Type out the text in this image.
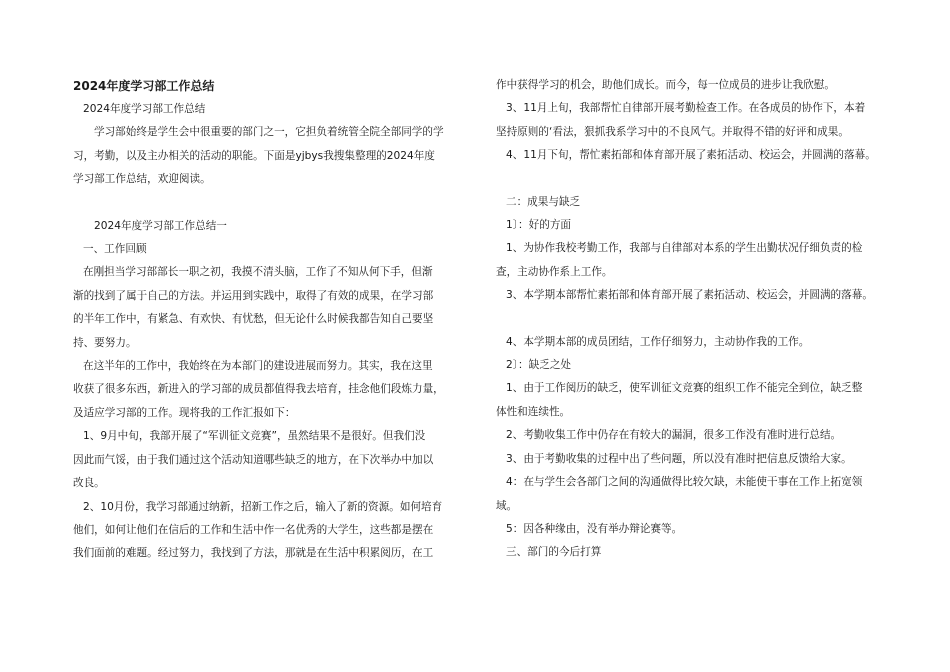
2024年度学习部工作总结

2024年度学习部工作总结

学习部始终是学生会中很重要的部门之一，它担负着统管全院全部同学的学

习，考勤，以及主办相关的活动的职能。下面是yjbys我搜集整理的2024年度

学习部工作总结，欢迎阅读。

2024年度学习部工作总结一

一、工作回顾

在刚担当学习部部长一职之初，我摸不清头脑，工作了不知从何下手，但渐

渐的找到了属于自己的方法。并运用到实践中，取得了有效的成果，在学习部

的半年工作中，有紧急、有欢快、有忧愁，但无论什么时候我都告知自己要坚

持、要努力。

在这半年的工作中，我始终在为本部门的建设进展而努力。其实，我在这里

收获了很多东西，新进入的学习部的成员都值得我去培育，挂念他们段炼力量，

及适应学习部的工作。现将我的工作汇报如下：

1、9月中旬，我部开展了“军训征文竞赛”，虽然结果不是很好。但我们没

因此而气馁，由于我们通过这个活动知道哪些缺乏的地方，在下次举办中加以

改良。

2、10月份，我学习部通过纳新，招新工作之后，输入了新的资源。如何培育

他们，如何让他们在信后的工作和生活中作一名优秀的大学生，这些都是摆在

我们面前的难题。经过努力，我找到了方法，那就是在生活中积累阅历，在工

作中获得学习的机会，助他们成长。而今，每一位成员的进步让我欣慰。

3、11月上旬，我部帮忙自律部开展考勤检查工作。在各成员的协作下，本着

坚持原则的‘看法，狠抓我系学习中的不良风气。并取得不错的好评和成果。

4、11月下旬，帮忙素拓部和体育部开展了素拓活动、校运会，并圆满的落幕。

二：成果与缺乏

1〕：好的方面

1、为协作我校考勤工作，我部与自律部对本系的学生出勤状况仔细负责的检

查，主动协作系上工作。

3、本学期本部帮忙素拓部和体育部开展了素拓活动、校运会，并圆满的落幕。

4、本学期本部的成员团结，工作仔细努力，主动协作我的工作。

2〕：缺乏之处

1、由于工作阅历的缺乏，使军训征文竞赛的组织工作不能完全到位，缺乏整

体性和连续性。

2、考勤收集工作中仍存在有较大的漏洞，很多工作没有准时进行总结。

3、由于考勤收集的过程中出了些问题，所以没有准时把信息反馈给大家。

4：在与学生会各部门之间的沟通做得比较欠缺，未能使干事在工作上拓宽领

域。

5：因各种缘由，没有举办辩论赛等。

三、部门的今后打算
